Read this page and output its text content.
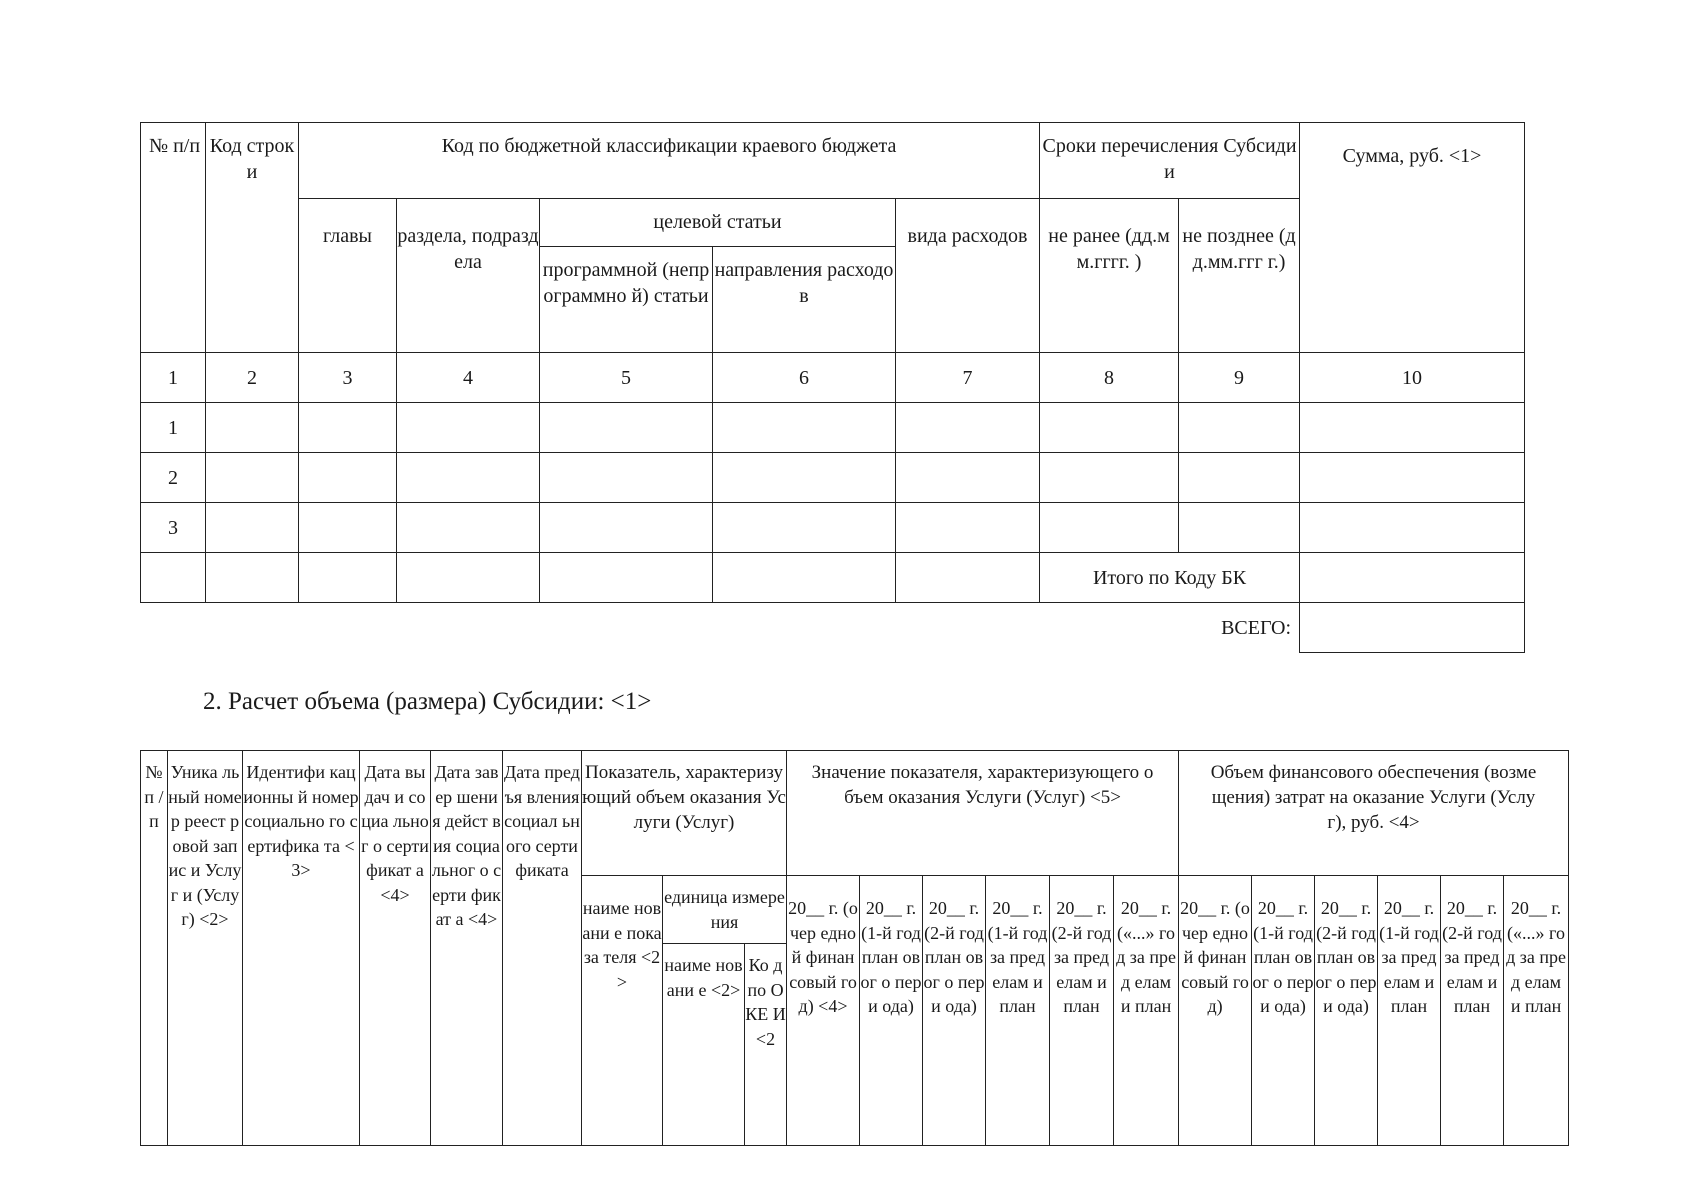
№ п/п	Код строки	Код по бюджетной классификации краевого бюджета					Сроки перечисления Субсидии		Сумма, руб. <1>
		главы	раздела, подраздела	целевой статьи		вида расходов	не ранее (дд.мм.гггг. )	не позднее (дд.мм.ггг г.)	
				программной (непрограммно й) статьи	направления расходов				
1	2	3	4	5	6	7	8	9	10
1									
2									
3									
							Итого по Коду БК		
ВСЕГО:									
2. Расчет объема (размера) Субсидии: <1>
№ п / п	Уника льный номер реест ровой запис и Услуг и (Услу г) <2>	Идентифи кационны й номер социально го сертифика та <3>	Дата выдач и социа льног о серти фикат а <4>	Дата завер шени я дейст вия социа льног о серти фикат а <4>	Дата предъя вления социал ьного серти фиката	Показатель, характеризующий объем оказания Услуги (Услуг)			Значение показателя, характеризующего объем оказания Услуги (Услуг) <5>						Объем финансового обеспечения (возмещения) затрат на оказание Услуги (Услуг), руб. <4>					
						наиме новани е показа теля <2>	единица измерения		20__ г. (очер едной финан совый год) <4>	20__ г. (1-й год план овог о пери ода)	20__ г. (2-й год план овог о пери ода)	20__ г. (1-й год за пред елам и план	20__ г. (2-й год за пред елам и план	20__ г. («...» год за пред елам и план	20__ г. (очер едной финан совый год)	20__ г. (1-й год план овог о пери ода)	20__ г. (2-й год план овог о пери ода)	20__ г. (1-й год за пред елам и план	20__ г. (2-й год за пред елам и план	20__ г. («...» год за пред елам и план
							наиме новани е <2>	Ко д по О КЕ И <2												
